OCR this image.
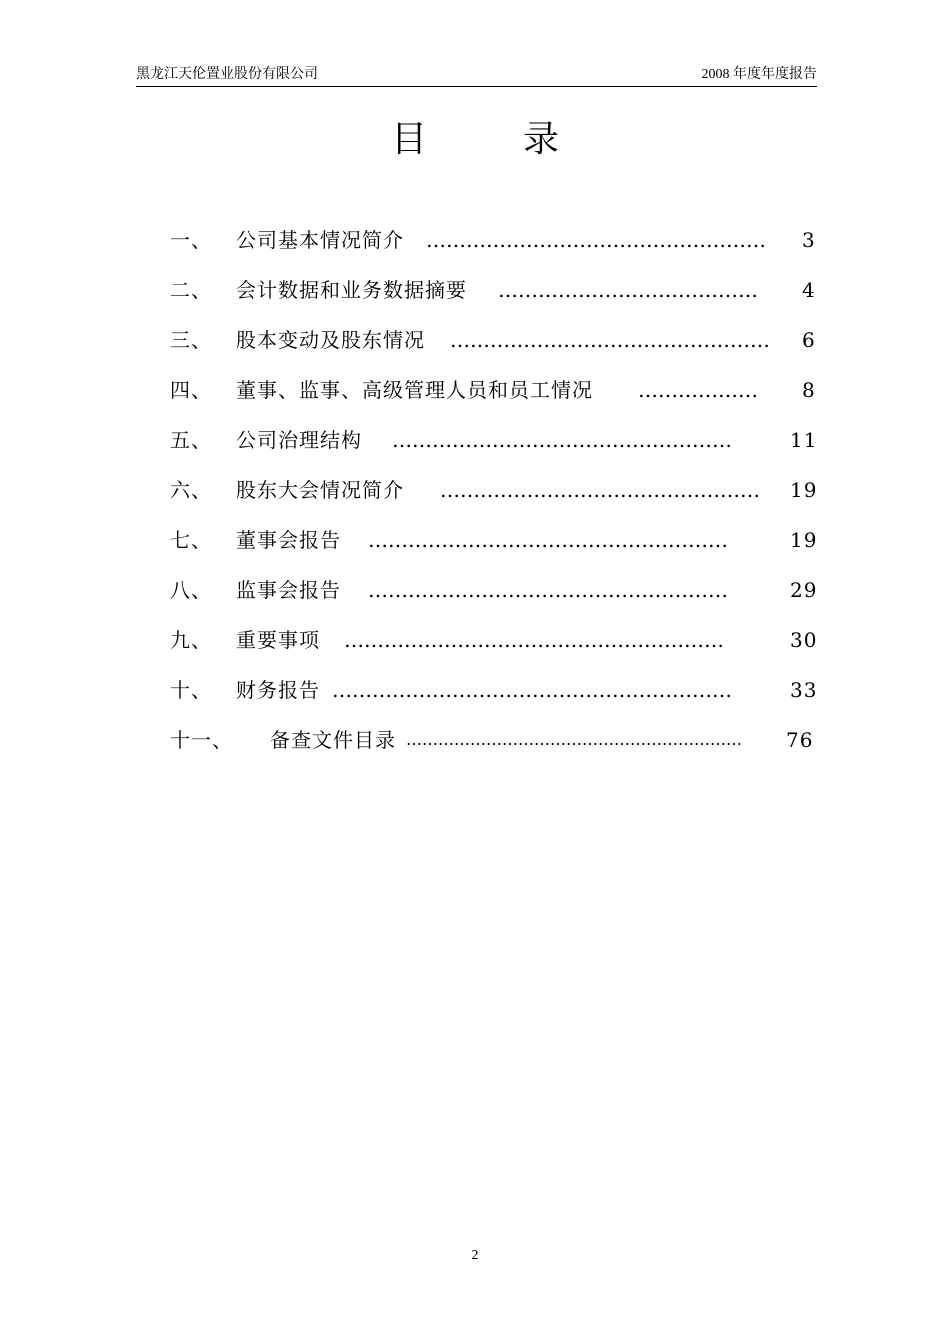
黑龙江天伦置业股份有限公司	2008 年度年度报告
目	录
一、 公司基本情况简介 …………………………………………… 3
二、 会计数据和业务数据摘要 ………………………………… 4
三、 股本变动及股东情况 ………………………………………… 6
四、 董事、监事、高级管理人员和员工情况 ……………… 8
五、 公司治理结构 ……………………………………………	11
六、 股东大会情况简介 ………………………………………… 19
七、 董事会报告 ………………………………………………	19
八、 监事会报告 ………………………………………………	29
九、 重要事项 …………………………………………………	30
十、 财务报告 ……………………………………………………	33
十一、 备查文件目录 ……………………………………………………… 76
2
